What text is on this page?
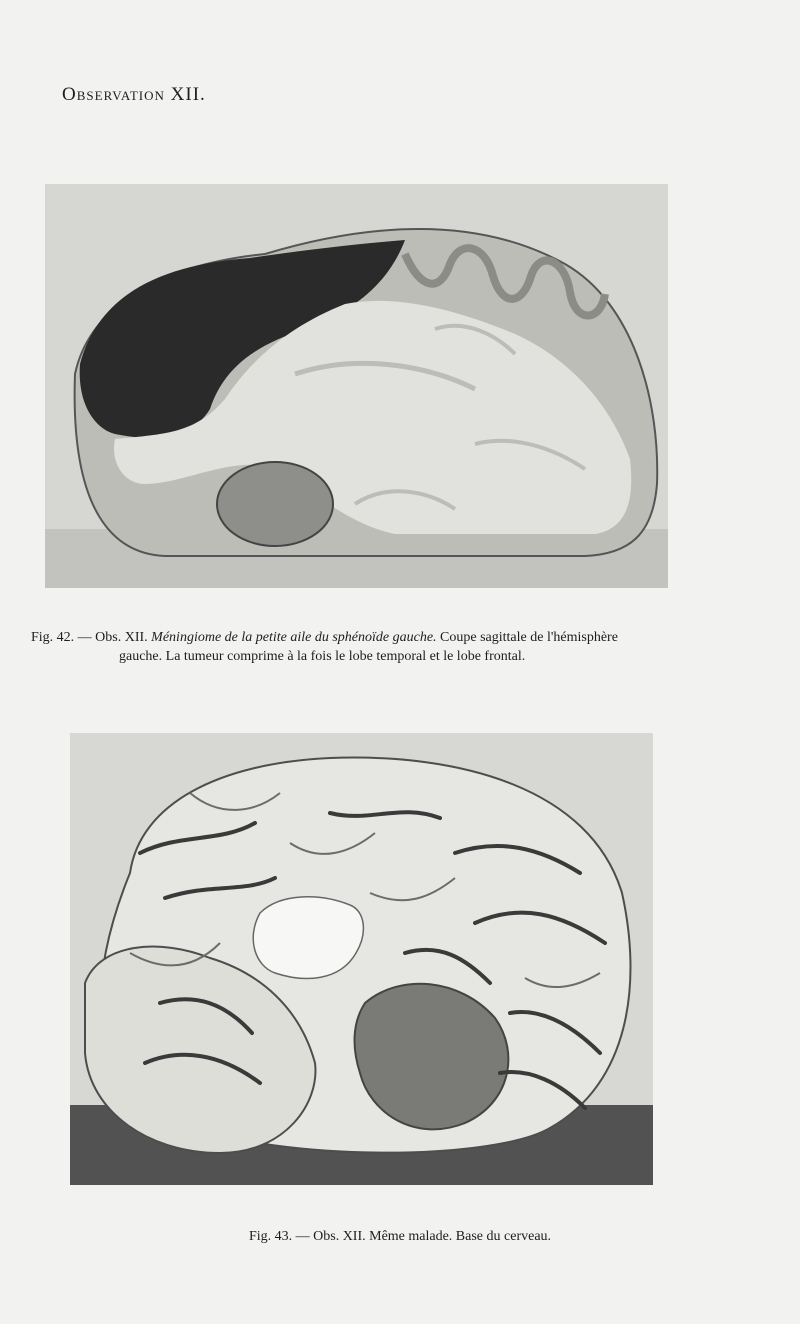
Observation XII.
Fig. 42. — Obs. XII. Méningiome de la petite aile du sphénoïde gauche. Coupe sagittale de l'hémisphère
gauche. La tumeur comprime à la fois le lobe temporal et le lobe frontal.
Fig. 43. — Obs. XII. Même malade. Base du cerveau.
